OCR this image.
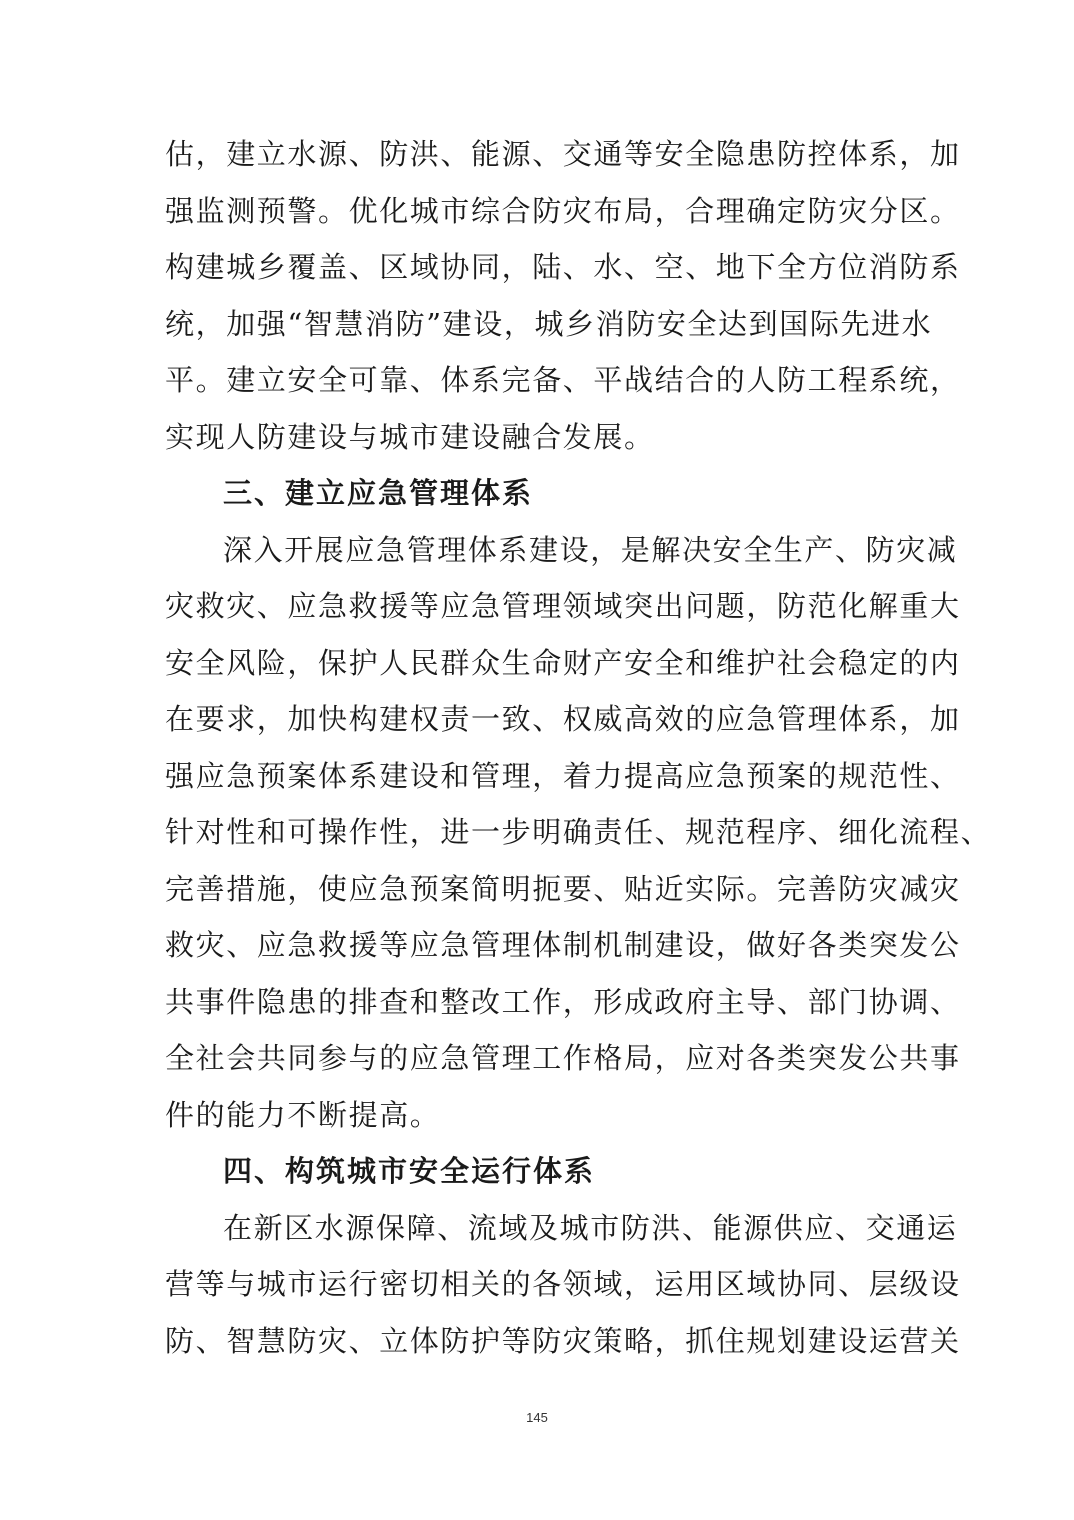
估，建立水源、防洪、能源、交通等安全隐患防控体系，加
强监测预警。优化城市综合防灾布局，合理确定防灾分区。
构建城乡覆盖、区域协同，陆、水、空、地下全方位消防系
统，加强“智慧消防”建设，城乡消防安全达到国际先进水
平。建立安全可靠、体系完备、平战结合的人防工程系统，
实现人防建设与城市建设融合发展。
三、建立应急管理体系
深入开展应急管理体系建设，是解决安全生产、防灾减
灾救灾、应急救援等应急管理领域突出问题，防范化解重大
安全风险，保护人民群众生命财产安全和维护社会稳定的内
在要求，加快构建权责一致、权威高效的应急管理体系，加
强应急预案体系建设和管理，着力提高应急预案的规范性、
针对性和可操作性，进一步明确责任、规范程序、细化流程、
完善措施，使应急预案简明扼要、贴近实际。完善防灾减灾
救灾、应急救援等应急管理体制机制建设，做好各类突发公
共事件隐患的排查和整改工作，形成政府主导、部门协调、
全社会共同参与的应急管理工作格局，应对各类突发公共事
件的能力不断提高。
四、构筑城市安全运行体系
在新区水源保障、流域及城市防洪、能源供应、交通运
营等与城市运行密切相关的各领域，运用区域协同、层级设
防、智慧防灾、立体防护等防灾策略，抓住规划建设运营关
145
